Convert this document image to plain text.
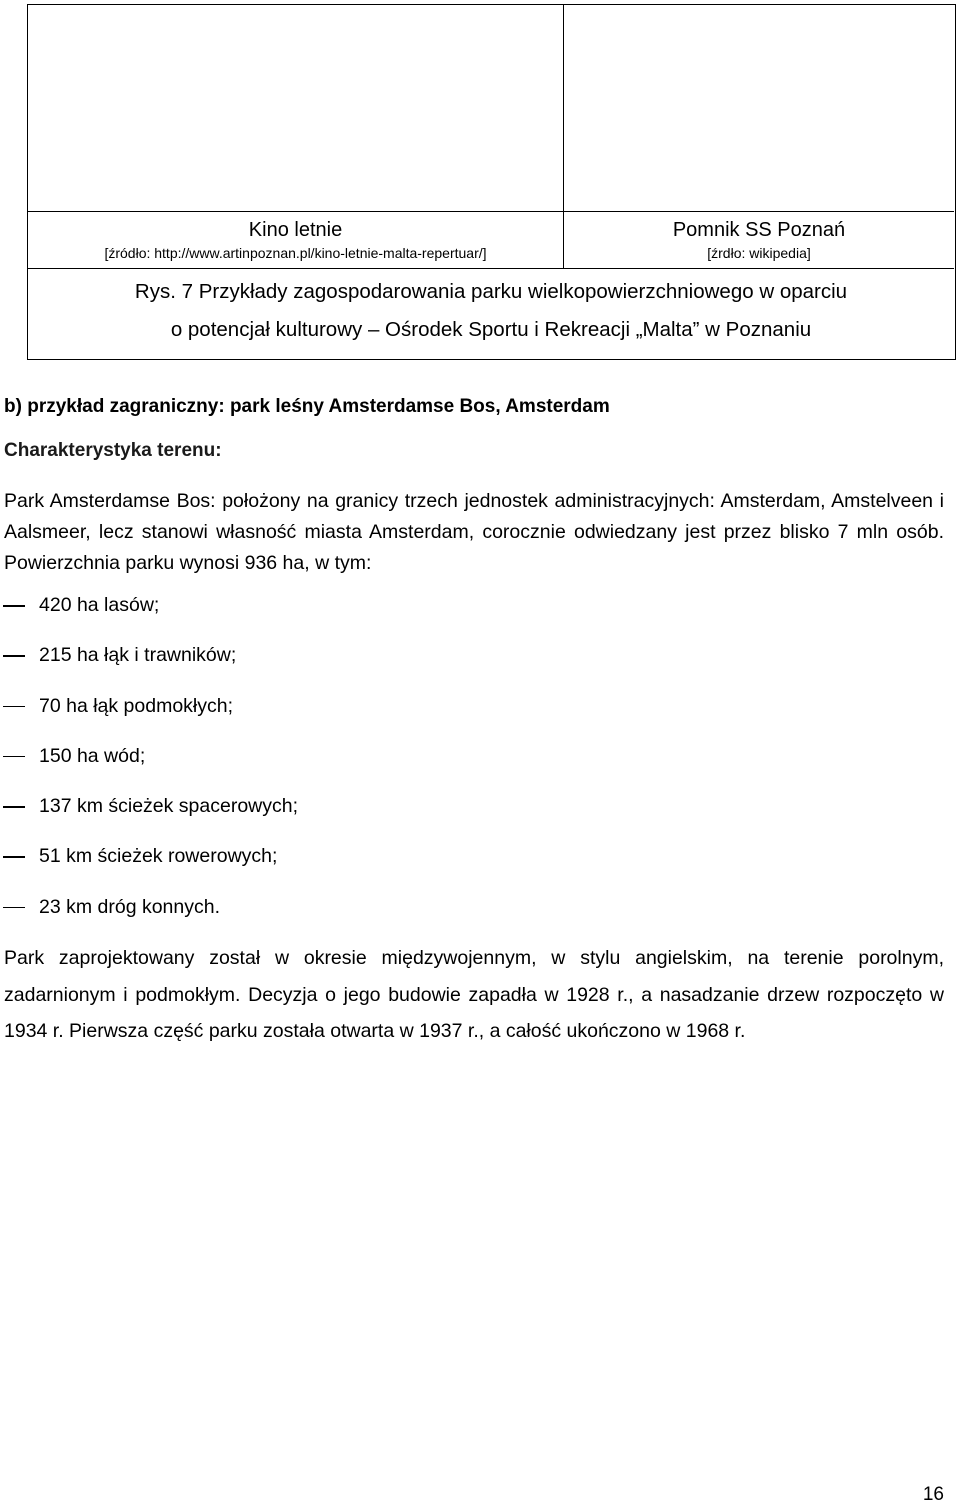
Kino letnie
[źródło: http://www.artinpoznan.pl/kino-letnie-malta-repertuar/]
Pomnik SS Poznań
[źrdło: wikipedia]
Rys. 7 Przykłady zagospodarowania parku wielkopowierzchniowego w oparciu
o potencjał kulturowy – Ośrodek Sportu i Rekreacji „Malta” w Poznaniu
b) przykład zagraniczny: park leśny Amsterdamse Bos, Amsterdam
Charakterystyka terenu:
Park Amsterdamse Bos: położony na granicy trzech jednostek administracyjnych: Amsterdam, Amstelveen i Aalsmeer, lecz stanowi własność miasta Amsterdam, corocznie odwiedzany jest przez blisko 7 mln osób. Powierzchnia parku wynosi 936 ha, w tym:
420 ha lasów;
215 ha łąk i trawników;
70 ha łąk podmokłych;
150 ha wód;
137 km ścieżek spacerowych;
51 km ścieżek rowerowych;
23 km dróg konnych.
Park zaprojektowany został w okresie międzywojennym, w stylu angielskim, na terenie porolnym, zadarnionym i podmokłym. Decyzja o jego budowie zapadła w 1928 r., a nasadzanie drzew rozpoczęto w 1934 r. Pierwsza część parku została otwarta w 1937 r., a całość ukończono w 1968 r.
16
